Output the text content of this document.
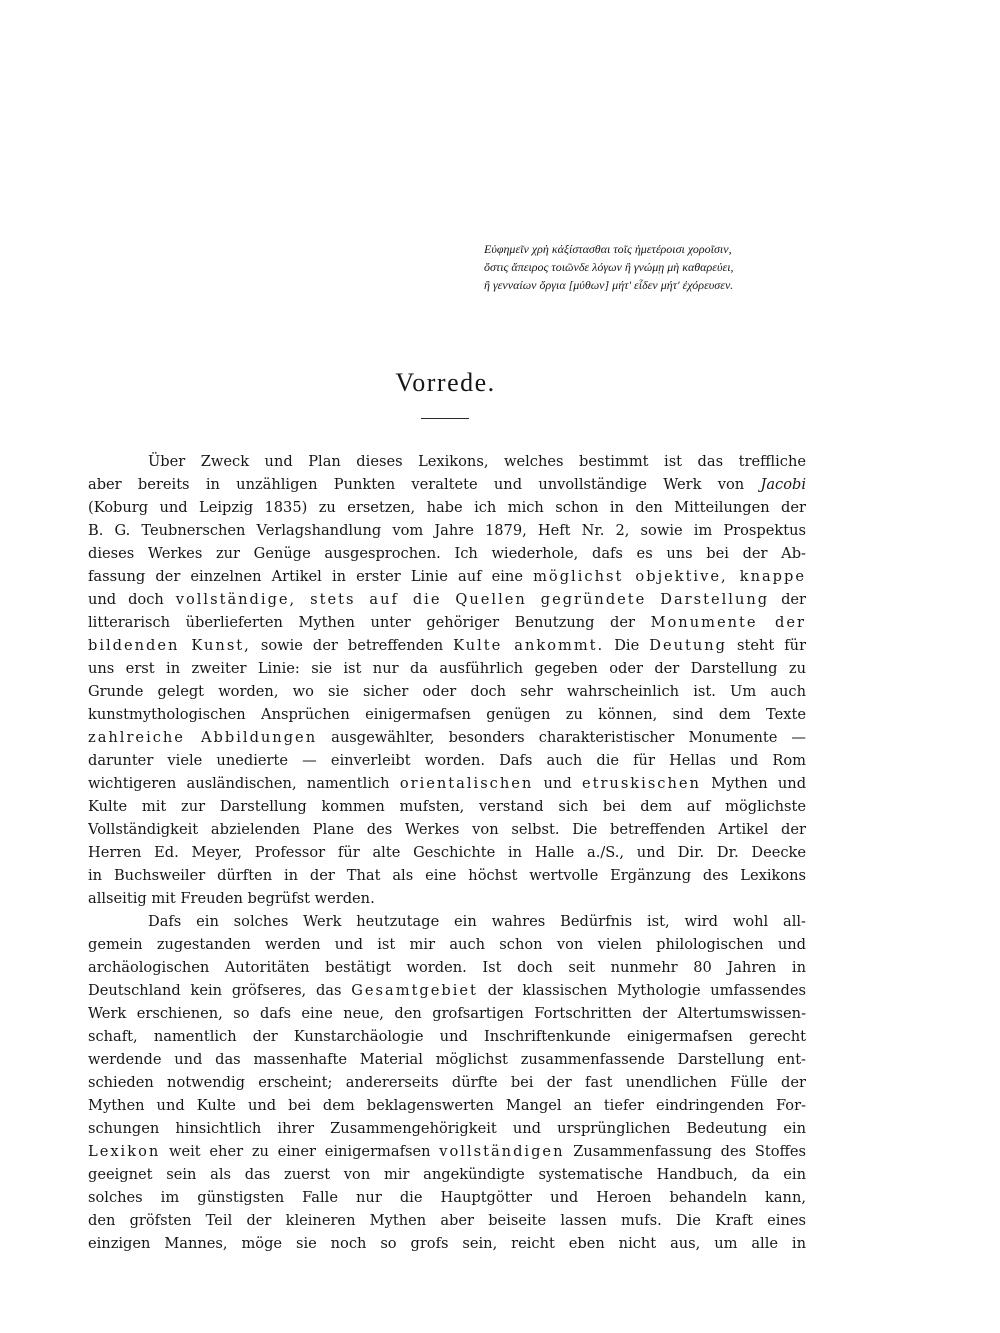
Εὐφημεῖν χρὴ κἀξίστασθαι τοῖς ἡμετέροισι χοροῖσιν,
ὅστις ἄπειρος τοιῶνδε λόγων ἢ γνώμῃ μὴ καθαρεύει,
ἢ γενναίων ὄργια [μύθων] μήτ' εἶδεν μήτ' ἐχόρευσεν.
Vorrede.
Über Zweck und Plan dieses Lexikons, welches bestimmt ist das treffliche
aber bereits in unzähligen Punkten veraltete und unvollständige Werk von Jacobi
(Koburg und Leipzig 1835) zu ersetzen, habe ich mich schon in den Mitteilungen der
B. G. Teubnerschen Verlagshandlung vom Jahre 1879, Heft Nr. 2, sowie im Prospektus
dieses Werkes zur Genüge ausgesprochen. Ich wiederhole, dafs es uns bei der Ab-
fassung der einzelnen Artikel in erster Linie auf eine möglichst objektive, knappe
und doch vollständige, stets auf die Quellen gegründete Darstellung der
litterarisch überlieferten Mythen unter gehöriger Benutzung der Monumente der
bildenden Kunst, sowie der betreffenden Kulte ankommt. Die Deutung steht für
uns erst in zweiter Linie: sie ist nur da ausführlich gegeben oder der Darstellung zu
Grunde gelegt worden, wo sie sicher oder doch sehr wahrscheinlich ist. Um auch
kunstmythologischen Ansprüchen einigermafsen genügen zu können, sind dem Texte
zahlreiche Abbildungen ausgewählter, besonders charakteristischer Monumente —
darunter viele unedierte — einverleibt worden. Dafs auch die für Hellas und Rom
wichtigeren ausländischen, namentlich orientalischen und etruskischen Mythen und
Kulte mit zur Darstellung kommen mufsten, verstand sich bei dem auf möglichste
Vollständigkeit abzielenden Plane des Werkes von selbst. Die betreffenden Artikel der
Herren Ed. Meyer, Professor für alte Geschichte in Halle a./S., und Dir. Dr. Deecke
in Buchsweiler dürften in der That als eine höchst wertvolle Ergänzung des Lexikons
allseitig mit Freuden begrüfst werden.
Dafs ein solches Werk heutzutage ein wahres Bedürfnis ist, wird wohl all-
gemein zugestanden werden und ist mir auch schon von vielen philologischen und
archäologischen Autoritäten bestätigt worden. Ist doch seit nunmehr 80 Jahren in
Deutschland kein gröfseres, das Gesamtgebiet der klassischen Mythologie umfassendes
Werk erschienen, so dafs eine neue, den grofsartigen Fortschritten der Altertumswissen-
schaft, namentlich der Kunstarchäologie und Inschriftenkunde einigermafsen gerecht
werdende und das massenhafte Material möglichst zusammenfassende Darstellung ent-
schieden notwendig erscheint; andererseits dürfte bei der fast unendlichen Fülle der
Mythen und Kulte und bei dem beklagenswerten Mangel an tiefer eindringenden For-
schungen hinsichtlich ihrer Zusammengehörigkeit und ursprünglichen Bedeutung ein
Lexikon weit eher zu einer einigermafsen vollständigen Zusammenfassung des Stoffes
geeignet sein als das zuerst von mir angekündigte systematische Handbuch, da ein
solches im günstigsten Falle nur die Hauptgötter und Heroen behandeln kann,
den gröfsten Teil der kleineren Mythen aber beiseite lassen mufs. Die Kraft eines
einzigen Mannes, möge sie noch so grofs sein, reicht eben nicht aus, um alle in
